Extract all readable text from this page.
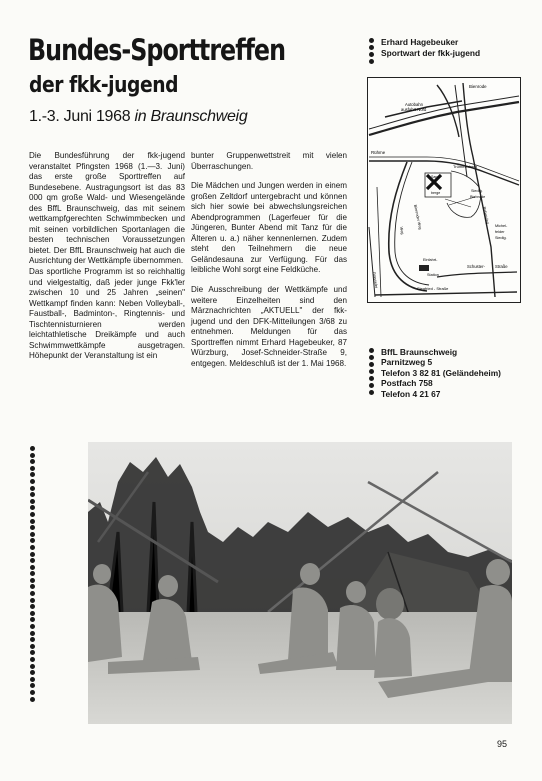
Bundes-Sporttreffen
der fkk-jugend
1.-3. Juni 1968 in Braunschweig
Erhard Hagebeuker
Sportwart der fkk-jugend
Autobahn
ausfahrt Nord
Bienrode
Rühme
Trümmerberg
Sand-
berge	Siedlg.
Biebrode
Michel-
felder
Siedlg.
Einfahrt-
Station
Schuster- Straße
Siegfried - Straße
Bienroder Weg
Weg
Rebenring
Grasseler
BffL Braunschweig
Parnitzweg 5
Telefon 3 82 81 (Geländeheim)
Postfach 758
Telefon 4 21 67

Die Bundesführung der fkk-jugend veranstaltet Pfingsten 1968 (1.—3. Juni) das erste große Sporttreffen auf Bundesebene. Austragungsort ist das 83 000 qm große Wald- und Wiesengelände des BffL Braunschweig, das mit seinem wettkampfgerechten Schwimmbecken und mit seinen vorbildlichen Sportanlagen die besten technischen Voraussetzungen bietet. Der BffL Braunschweig hat auch die Ausrichtung der Wettkämpfe übernommen.

Das sportliche Programm ist so reichhaltig und vielgestaltig, daß jeder junge Fkk'ler zwischen 10 und 25 Jahren „seinen" Wettkampf finden kann: Neben Volleyball-, Faustball-, Badminton-, Ringtennis- und Tischtennisturnieren werden leichtathletische Dreikämpfe und auch Schwimmwettkämpfe ausgetragen. Höhepunkt der Veranstaltung ist ein

bunter Gruppenwettstreit mit vielen Überraschungen.

Die Mädchen und Jungen werden in einem großen Zeltdorf untergebracht und können sich hier sowie bei abwechslungsreichen Abendprogrammen (Lagerfeuer für die Jüngeren, Bunter Abend mit Tanz für die Älteren u. a.) näher kennenlernen. Zudem steht den Teilnehmern die neue Geländesauna zur Verfügung. Für das leibliche Wohl sorgt eine Feldküche.

Die Ausschreibung der Wettkämpfe und weitere Einzelheiten sind den Märznachrichten „AKTUELL" der fkk-jugend und den DFK-Mitteilungen 3/68 zu entnehmen. Meldungen für das Sporttreffen nimmt Erhard Hagebeuker, 87 Würzburg, Josef-Schneider-Straße 9, entgegen. Meldeschluß ist der 1. Mai 1968.

95
